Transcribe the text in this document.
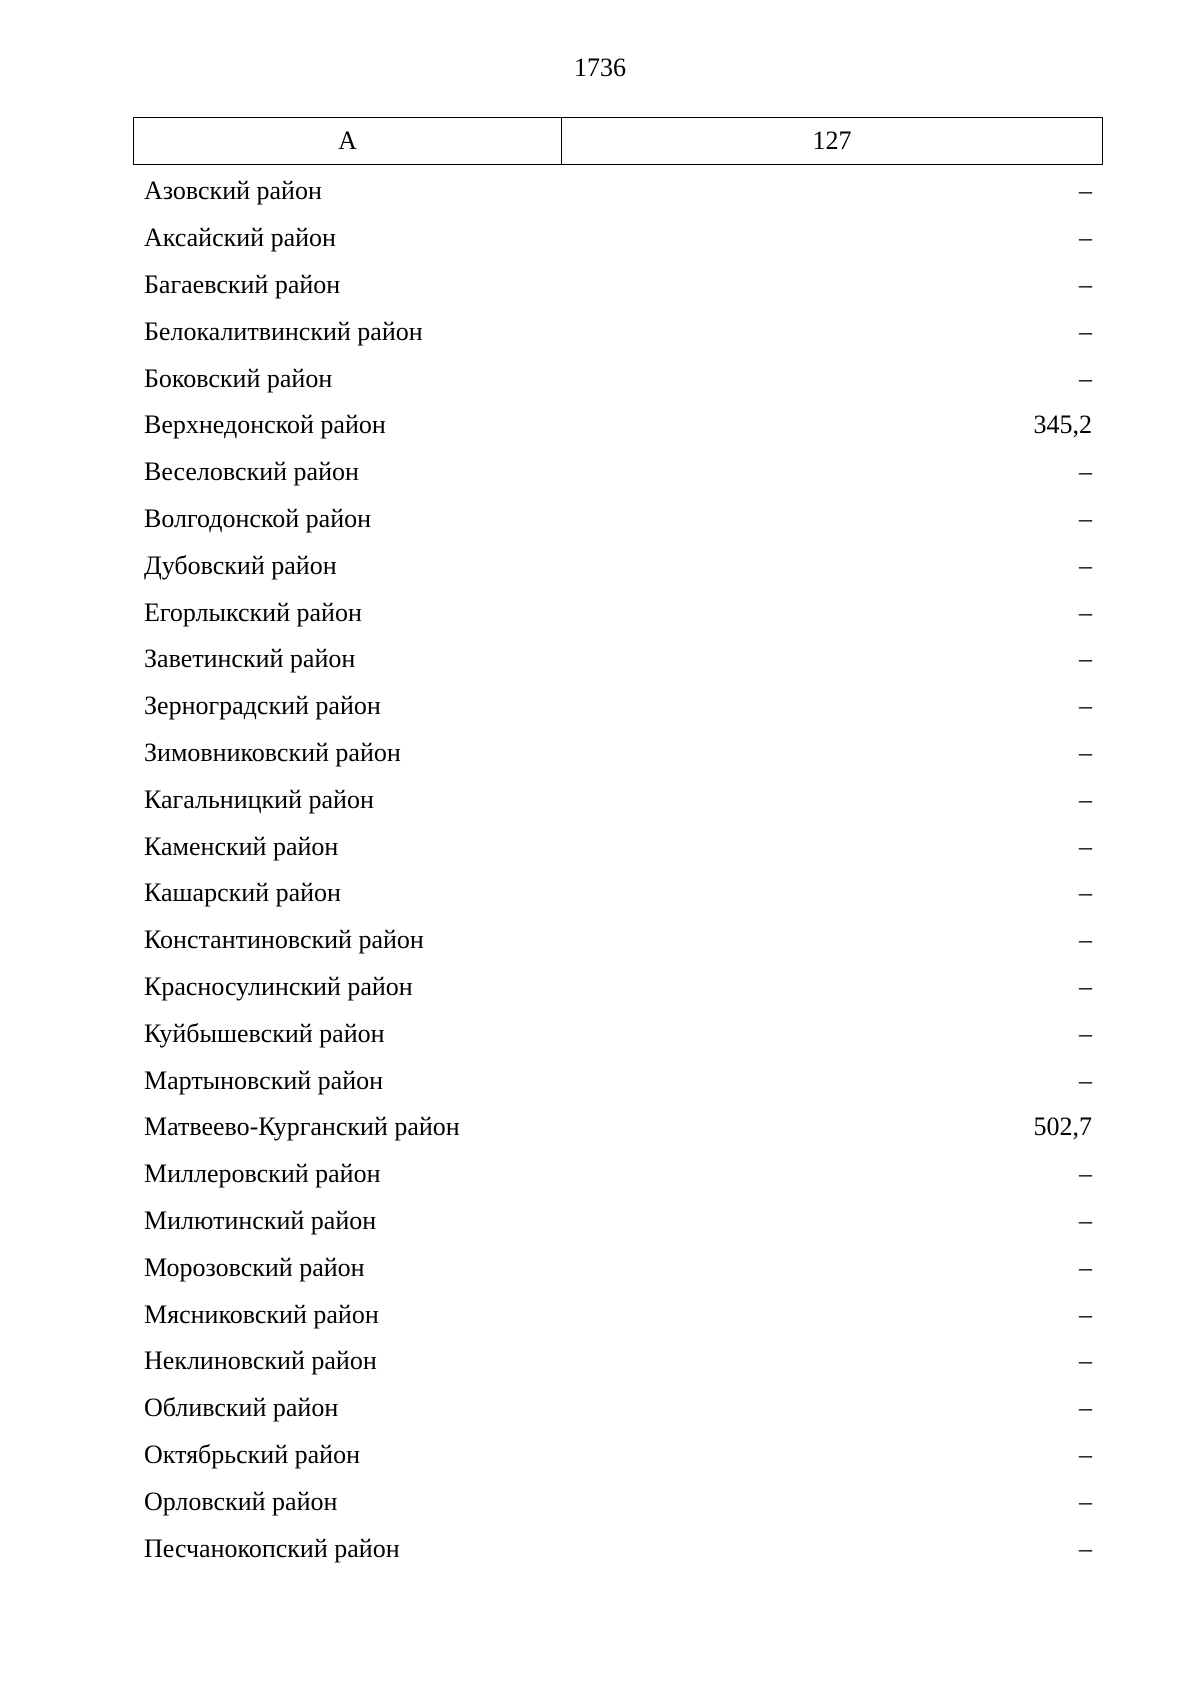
1736
А	127
Азовский район	–
Аксайский район	–
Багаевский район	–
Белокалитвинский район	–
Боковский район	–
Верхнедонской район	345,2
Веселовский район	–
Волгодонской район	–
Дубовский район	–
Егорлыкский район	–
Заветинский район	–
Зерноградский район	–
Зимовниковский район	–
Кагальницкий район	–
Каменский район	–
Кашарский район	–
Константиновский район	–
Красносулинский район	–
Куйбышевский район	–
Мартыновский район	–
Матвеево-Курганский район	502,7
Миллеровский район	–
Милютинский район	–
Морозовский район	–
Мясниковский район	–
Неклиновский район	–
Обливский район	–
Октябрьский район	–
Орловский район	–
Песчанокопский район	–
